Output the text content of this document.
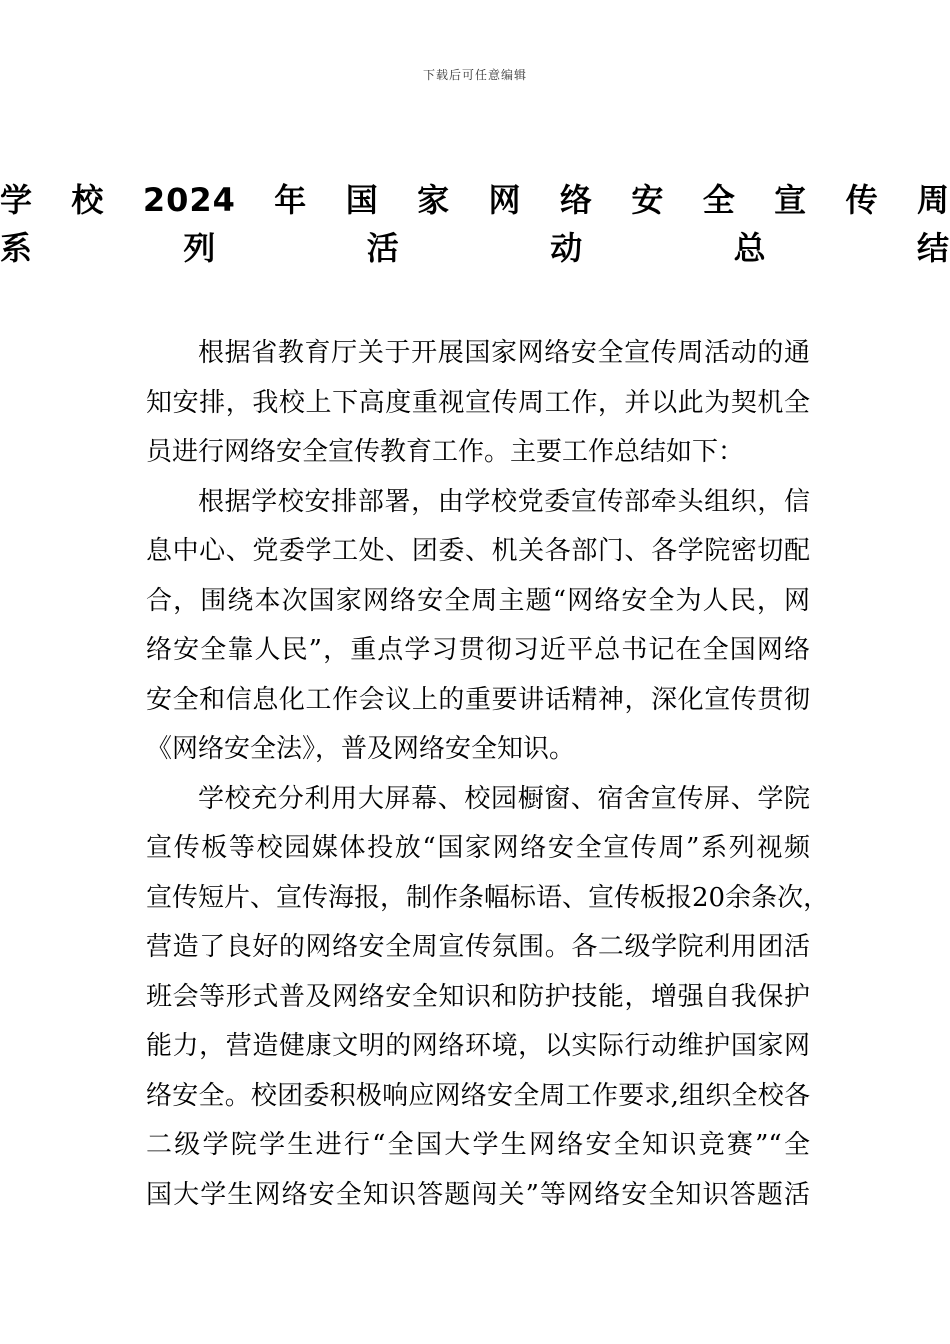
下载后可任意编辑
学校2024年国家网络安全宣传周
系列活动总结
根据省教育厅关于开展国家网络安全宣传周活动的通
知安排，我校上下高度重视宣传周工作，并以此为契机全
员进行网络安全宣传教育工作。主要工作总结如下：
根据学校安排部署，由学校党委宣传部牵头组织，信
息中心、党委学工处、团委、机关各部门、各学院密切配
合，围绕本次国家网络安全周主题“网络安全为人民，网
络安全靠人民”，重点学习贯彻习近平总书记在全国网络
安全和信息化工作会议上的重要讲话精神，深化宣传贯彻
《网络安全法》，普及网络安全知识。
学校充分利用大屏幕、校园橱窗、宿舍宣传屏、学院
宣传板等校园媒体投放“国家网络安全宣传周”系列视频
宣传短片、宣传海报，制作条幅标语、宣传板报20余条次，
营造了良好的网络安全周宣传氛围。各二级学院利用团活
班会等形式普及网络安全知识和防护技能，增强自我保护
能力，营造健康文明的网络环境，以实际行动维护国家网
络安全。校团委积极响应网络安全周工作要求,组织全校各
二级学院学生进行“全国大学生网络安全知识竞赛”“全
国大学生网络安全知识答题闯关”等网络安全知识答题活
